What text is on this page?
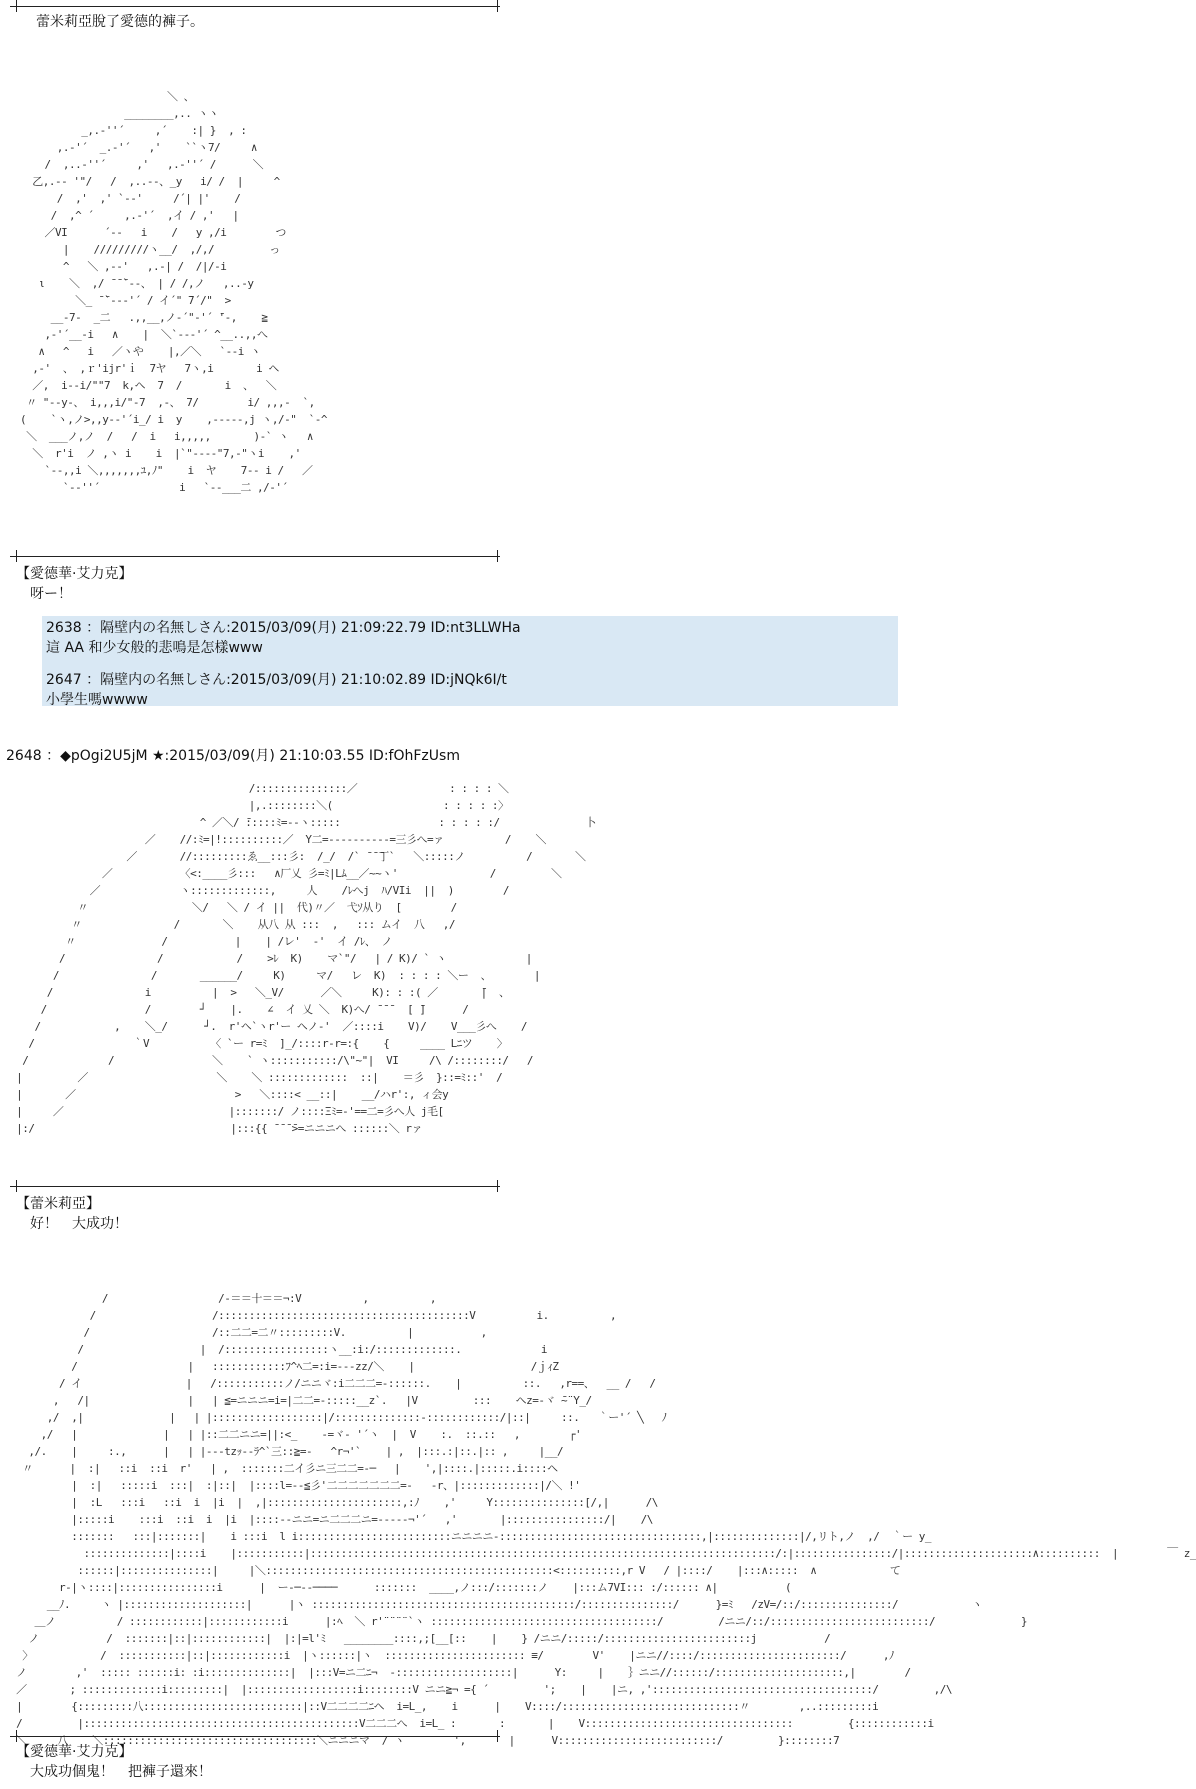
蕾米莉亞脫了愛德的褲子。
＼ 、
________,.. ヽヽ
_,.-''´     ,´    :| }  , :
,.-'´  _.-'´   ,'    ``ヽ7/     ∧
/  ,..-''´     ,'   ,.-''´ /      ＼
乙,.-‐ '"/   /  ,..--、_y   i/ /  |     ^
/  ,'  ,' `--'     /´| |'    /
/  ,^ ´     ,.-'´  ,イ / ,'   |
／VI      ´-‐   i    /   y ,/i        つ
|    /////////ヽ__/  ,/,/         っ
^   ＼ ,--'   ,.-| /  /|/-i
ι    ＼  ,/ ̄ ̄ ̄`--、 | / /,ノ   ,..-y
＼_ ̄ ̄`--‐'´ / イ´" ̄7´/"  >
__-7-  _二   .,,__,ノ-´"-'´ ̄'-,    ≧
,-'´__-i   ∧    |  ＼`--‐'´ ^__..,,へ
∧   ^   i   ／ヽや    |,／＼   `--i ヽ
,-'  、 ,ｒ'ijr'ｉ  7ヤ   7ヽ,i       i ヘ
／,  i--i/""7  k,ヘ  7  /       i  、  ＼
〃 "--y-、 i,,,i/"-7  ,-、 7/        i/ ,,,-  `,
(    `ヽ,ノ>,,y--'´i_/ i  y    ,-----,j ヽ,/-"  `-^
＼  ___ノ,ノ  /   /  i   i,,,,,       )-` ヽ   ∧
＼  r'i  ノ ,ヽ i    i  |`"----"7,-"ヽi    ,'
`--,,i ＼,,,,,,,ﾕ,ﾉ"    i  ヤ    7-- i /   ／
`--''´             i   `--___二 ,/-'´

【愛德華·艾力克】
呀ー！
2638 ：隔壁内の名無しさん:2015/03/09(月) 21:09:22.79 ID:nt3LLWHa
這 AA 和少女般的悲鳴是怎樣www
2647 ：隔壁内の名無しさん:2015/03/09(月) 21:10:02.89 ID:jNQk6I/t
小學生嗎wwww
2648 ：◆pOgi2U5jM ★:2015/03/09(月) 21:10:03.55 ID:fOhFzUsm
/:::::::::::::::／               : : : : ＼
|,.::::::::＼(                  : : : : :〉
^ ／＼/ ̄:::::ﾐ=--ヽ:::::                : : : : :/              卜
／    //:ﾐ=|!::::::::::／  Y二=----------=三彡へ=ァ          /    ＼
／       //:::::::::ゑ__:::彡:  /_/  /` ̄ ̄ ̄丁`   ＼:::::ノ          /       ＼
／           〈<:____彡:::   ∧厂乂 彡=ﾐ|Lﾑ__／~~ヽ'               /         ＼
／             ヽ:::::::::::::,     人    /ﾚへj  ﾊ/VIi  ||  )        /
〃                 ＼/   ＼ / イ ||  代)〃／  弋ｿ从り  [        /
〃               /       ＼    从八 从 :::  ,   ::: ムイ  八   ,/
〃              /           |    | /レ'  -'  イ /ﾚ、 ノ
/               /            /    >ﾚ  K)    マ`"/   | / K)/ ` ヽ             |
/               /       ______/     K)     マ/   レ  K)  : : : : ＼ー  、       |
/               i          |  >   ＼_V/      ／＼     K): : :( ／       ̄|  、
/                /        ┘    |.    ∠  イ 乂 ＼  K)へ/ ̄ ̄ ̄   [ ̄]      /
/            ,    ＼_/      ┘.  r'ヘ`ヽr'ー ヘノ-'  ／::::i    V)/    V___彡へ    /
/                ｀V          〈 `ー r=ﾐ  ]_/::::r-r=:{    {     ____ Lﾆツ    〉
/             /                ＼    ` ヽ:::::::::::/\"~"|  VI     /\ /::::::::/   /
|         ／                     ＼    ＼ :::::::::::::  ::|    ＝彡  }::=ﾐ::'  /
|       ／                          >   ＼::::< __::|    __/ハr':, ィ会y
|     ／                           |:::::::/ ノ::::Ξﾐ=-'==二=彡へ人 j毛[
|:/                                |:::{{ ̄ ̄ ̄ ̄>=ニニニへ ::::::＼ rァ

【蕾米莉亞】
好！　大成功！
/                  /-＝＝十＝＝¬:V          ,          ,
/                   /:::::::::::::::::::::::::::::::::::::::::V          i.          ,
/                    /::二二=二〃:::::::::V.          |           ,
/                   |  /:::::::::::::::::ヽ__:i:/:::::::::::::.             i
/                  |   ::::::::::::ﾌ^ﾍ二=:i=---zz/＼    |                   /ｊｨZ
/ イ                 |   /:::::::::::ノ/ニニヾ:i二二二=-::::::.    |          ::.   ,r==、  __ /   /
,   /|                |   | ≦=ニニニ=i=|二二=-:::::__z`.   |V         :::    ヘz=-ヾ ̄~¨Y_/
,/  ,|              |   | |::::::::::::::::::|/::::::::::::::-::::::::::::/|::|     ::.   ｀ー'´ ╲   ﾉ
,/   |              |   | |::二二ニニ=||:<_    -=ヾ- '´ヽ  |  V    :.  ::.::   ,        ┌'
,/.    |     :.,      |   | |---tzｯ--ﾗ^`三::≧=-   ^r¬'`    | ,  |:::.:|::.|:: ,     |__/
〃      |  :|   ::i  ::i  r'   | ,  :::::::二イ彡ニ三二二=-─   |    ',|::::.|:::::.i::::ヘ
|  :|   :::::i  :::|  :|::|  |::::l=--≦彡'二二二二二二二=-   -r、|:::::::::::::|/＼ !'
|  :L   :::i   ::i  i  |i  |  ,|::::::::::::::::::::::,:ﾉ    ,'     Y:::::::::::::::[/,|      /\
|:::::i    :::i  ::i  i  |i  |::::--ニニ=ニ二二二ニ=-----¬'´   ,'       |::::::::::::::::/|    /\
:::::::   :::|:::::::|    i :::i  l i:::::::::::::::::::::::::ニニニニ-:::::::::::::::::::::::::::::::::,|::::::::::::::|/,リト,ノ  ,/  ｀ー y_
::::::::::::::|::::i    |:::::::::::|::::::::::::::::::::::::::::::::::::::::::::::::::::::::::::::::::::::::::::/:|::::::::::::::::/|:::::::::::::::::::::∧::::::::::  |        ￣ z_
::::::|:::::::::::::::|     |＼:::::::::::::::::::::::::::::::::::::::::::::::<::::::::::,r V   / |::::/    |:::∧:::::  ∧            て
r-|ヽ::::|::::::::::::::::i      |  ー‐─-‐────      :::::::  ____,ノ:::/:::::::ノ    |:::ム7VI::: :/:::::: ∧|           (
__ﾉ.     ヽ |::::::::::::::::::::|      |ヽ :::::::::::::::::::::::::::::::::::::::::::/:::::::::::::::/      }=ﾐ   /zV=/::/:::::::::::::::/            ヽ
＿ノ          / ::::::::::::|::::::::::::i      |:ﾍ  ＼ r'¨¨¨¨`ヽ :::::::::::::::::::::::::::::::::::::/         /ニニ/::/::::::::::::::::::::::::::/              }
ノ           /  :::::::|::|::::::::::::|  |:|=l'ﾐ   ________::::,;[__[::    |    } /ニニ/:::::/::::::::::::::::::::::::j           /
〉           /  :::::::::::|::|::::::::::::i  |ヽ::::::|ヽ  ::::::::::::::::::::::: ≡/        V'    |ニニ//::::/:::::::::::::::::::::::/      ,ﾉ
ノ        ,'  ::::: ::::::i: :i::::::::::::::|  |:::V=ニ二ﾆ¬  ‐:::::::::::::::::::|      Y:     |    ｝ニニ//::::::/:::::::::::::::::::::,|        /
／       ; :::::::::::::i:::::::::|  |::::::::::::::::::i::::::::V ニニ≧¬ ={ ´         ';    |    |ニ, ,'::::::::::::::::::::::::::::::::::::/         ,/\
|        {:::::::::八::::::::::::::::::::::::::|::V二二二二ﾆヘ  i=L_,    i      |    V::::/:::::::::::::::::::::::::::::〃        ,..:::::::::i
/         |:::::::::::::::::::::::::::::::::::::::::::::V二二二へ  i=L_ :       :       |    V::::::::::::::::::::::::::::::::::         {::::::::::::i
＼     八    ＼:::::::::::::::::::::::::::::::::::＼ニニニマ  / ヽ        ',       |      V::::::::::::::::::::::::::/         }::::::::7

【愛德華·艾力克】
大成功個鬼！　把褲子還來！
